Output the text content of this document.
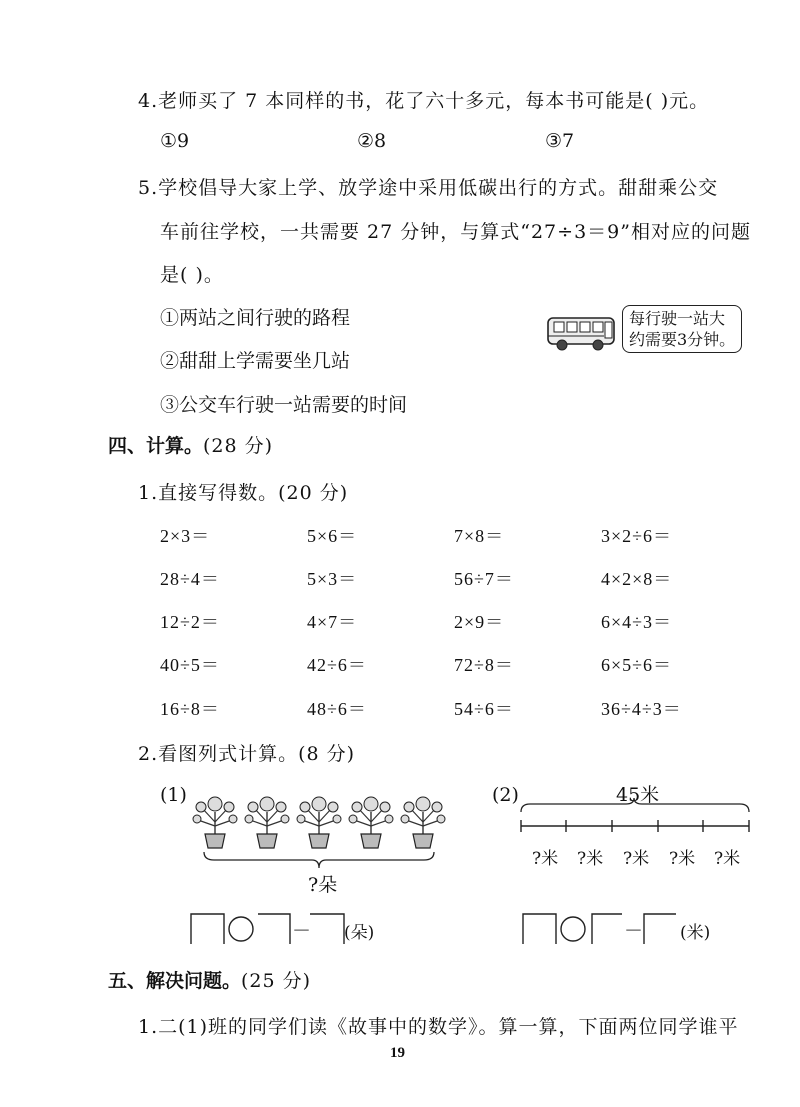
4.老师买了 7 本同样的书，花了六十多元，每本书可能是( )元。
①9	②8	③7
5.学校倡导大家上学、放学途中采用低碳出行的方式。甜甜乘公交
车前往学校，一共需要 27 分钟，与算式“27÷3＝9”相对应的问题
是( )。
①两站之间行驶的路程
②甜甜上学需要坐几站
③公交车行驶一站需要的时间
每行驶一站大
约需要3分钟。
四、计算。(28 分)
1.直接写得数。(20 分)
2×3＝	5×6＝	7×8＝	3×2÷6＝
28÷4＝	5×3＝	56÷7＝	4×2×8＝
12÷2＝	4×7＝	2×9＝	6×4÷3＝
40÷5＝	42÷6＝	72÷8＝	6×5÷6＝
16÷8＝	48÷6＝	54÷6＝	36÷4÷3＝
2.看图列式计算。(8 分)
(1)
?朵
－ (朵)
(2)	45米
?米 ?米 ?米 ?米 ?米
－ (米)
五、解决问题。(25 分)
1.二(1)班的同学们读《故事中的数学》。算一算，下面两位同学谁平
19
